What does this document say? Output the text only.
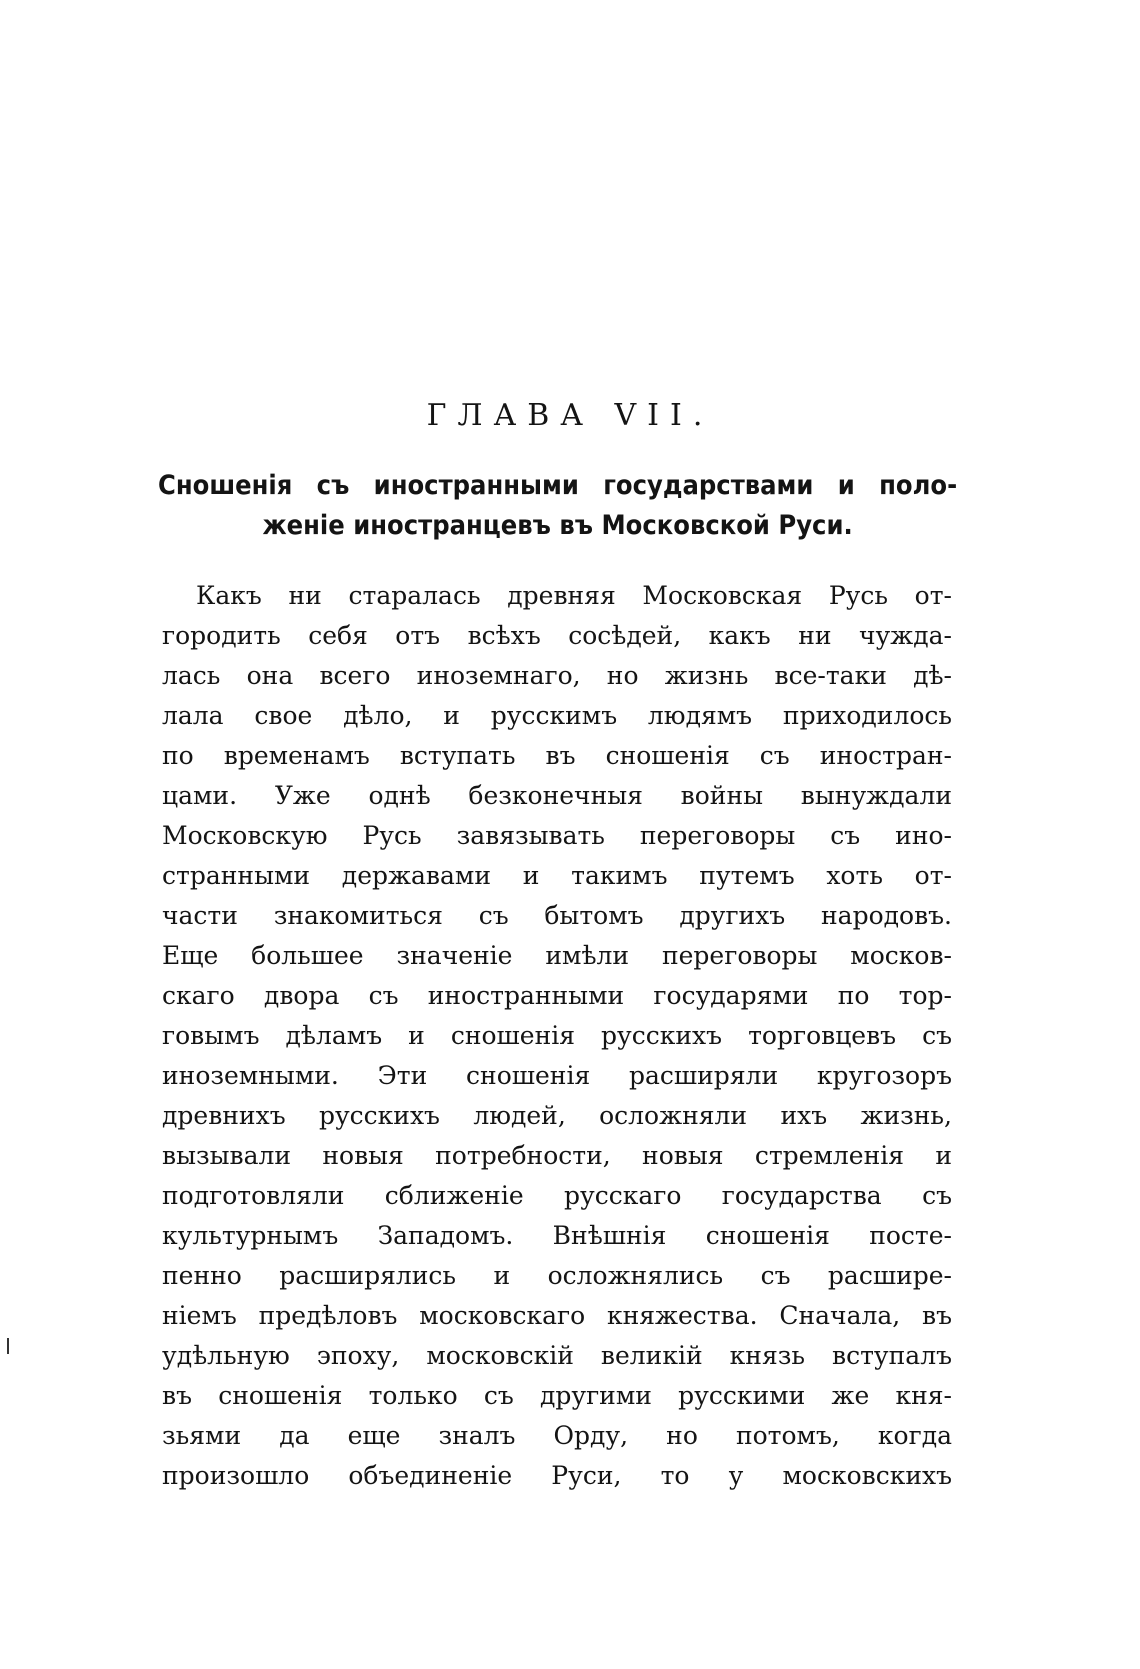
ГЛАВА VII.
Сношенія съ иностранными государствами и поло-
женіе иностранцевъ въ Московской Руси.
Какъ ни старалась древняя Московская Русь от-
городить себя отъ всѣхъ сосѣдей, какъ ни чужда-
лась она всего иноземнаго, но жизнь все-таки дѣ-
лала свое дѣло, и русскимъ людямъ приходилось
по временамъ вступать въ сношенія съ иностран-
цами. Уже однѣ безконечныя войны вынуждали
Московскую Русь завязывать переговоры съ ино-
странными державами и такимъ путемъ хоть от-
части знакомиться съ бытомъ другихъ народовъ.
Еще большее значеніе имѣли переговоры москов-
скаго двора съ иностранными государями по тор-
говымъ дѣламъ и сношенія русскихъ торговцевъ съ
иноземными. Эти сношенія расширяли кругозоръ
древнихъ русскихъ людей, осложняли ихъ жизнь,
вызывали новыя потребности, новыя стремленія и
подготовляли сближеніе русскаго государства съ
культурнымъ Западомъ. Внѣшнія сношенія посте-
пенно расширялись и осложнялись съ расшире-
ніемъ предѣловъ московскаго княжества. Сначала, въ
удѣльную эпоху, московскій великій князь вступалъ
въ сношенія только съ другими русскими же кня-
зьями да еще зналъ Орду, но потомъ, когда
произошло объединеніе Руси, то у московскихъ
